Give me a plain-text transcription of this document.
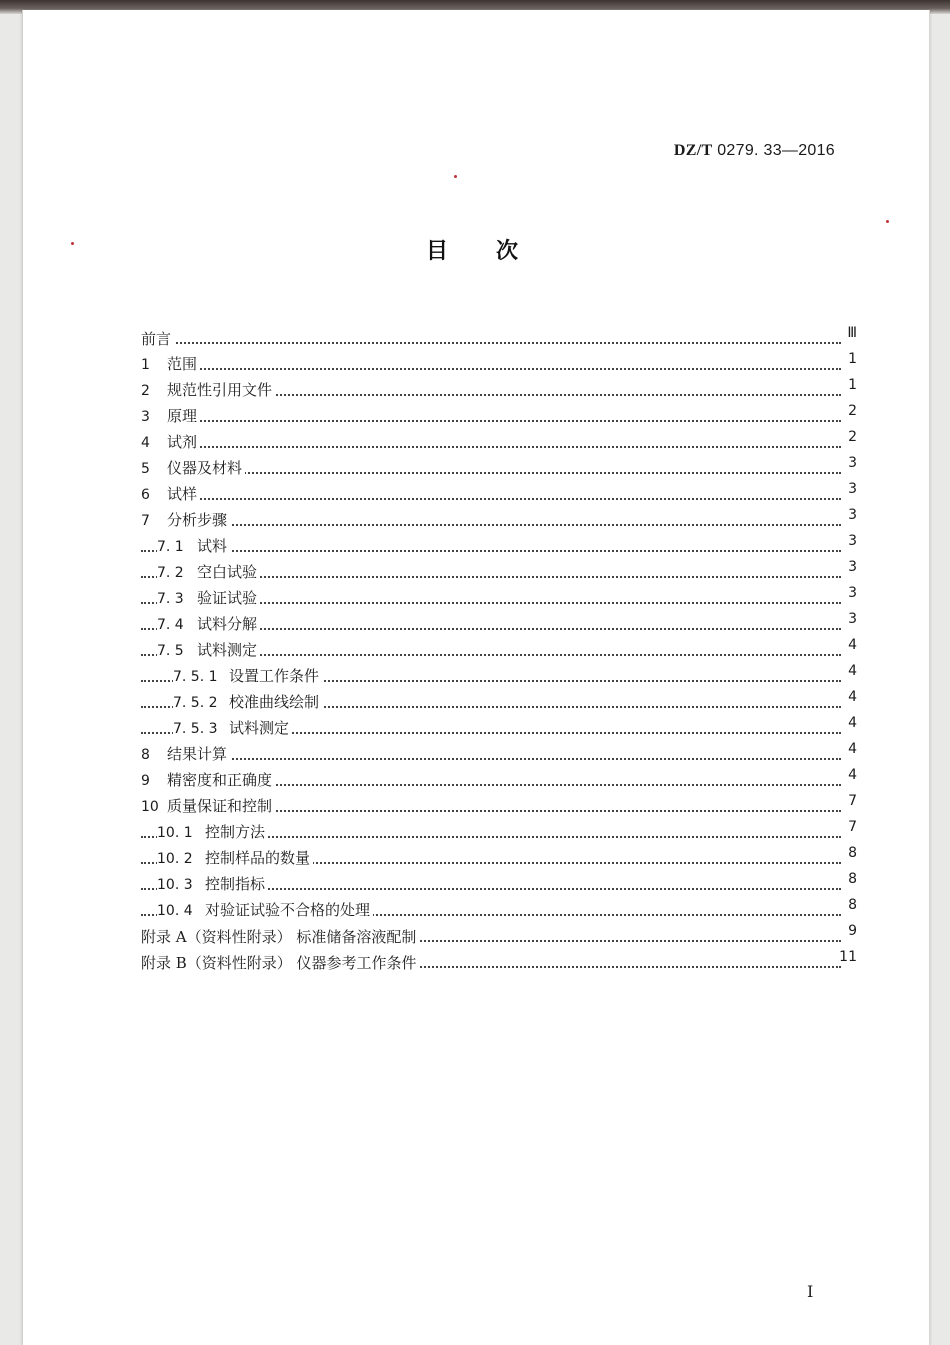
DZ/T 0279. 33—2016
目次
前言	Ⅲ
1 范围	1
2 规范性引用文件	1
3 原理	2
4 试剂	2
5 仪器及材料	3
6 试样	3
7 分析步骤	3
7. 1 试料	3
7. 2 空白试验	3
7. 3 验证试验	3
7. 4 试料分解	3
7. 5 试料测定	4
7. 5. 1 设置工作条件	4
7. 5. 2 校准曲线绘制	4
7. 5. 3 试料测定	4
8 结果计算	4
9 精密度和正确度	4
10 质量保证和控制	7
10. 1 控制方法	7
10. 2 控制样品的数量	8
10. 3 控制指标	8
10. 4 对验证试验不合格的处理	8
附录 A（资料性附录） 标准储备溶液配制	9
附录 B（资料性附录） 仪器参考工作条件	11
I
